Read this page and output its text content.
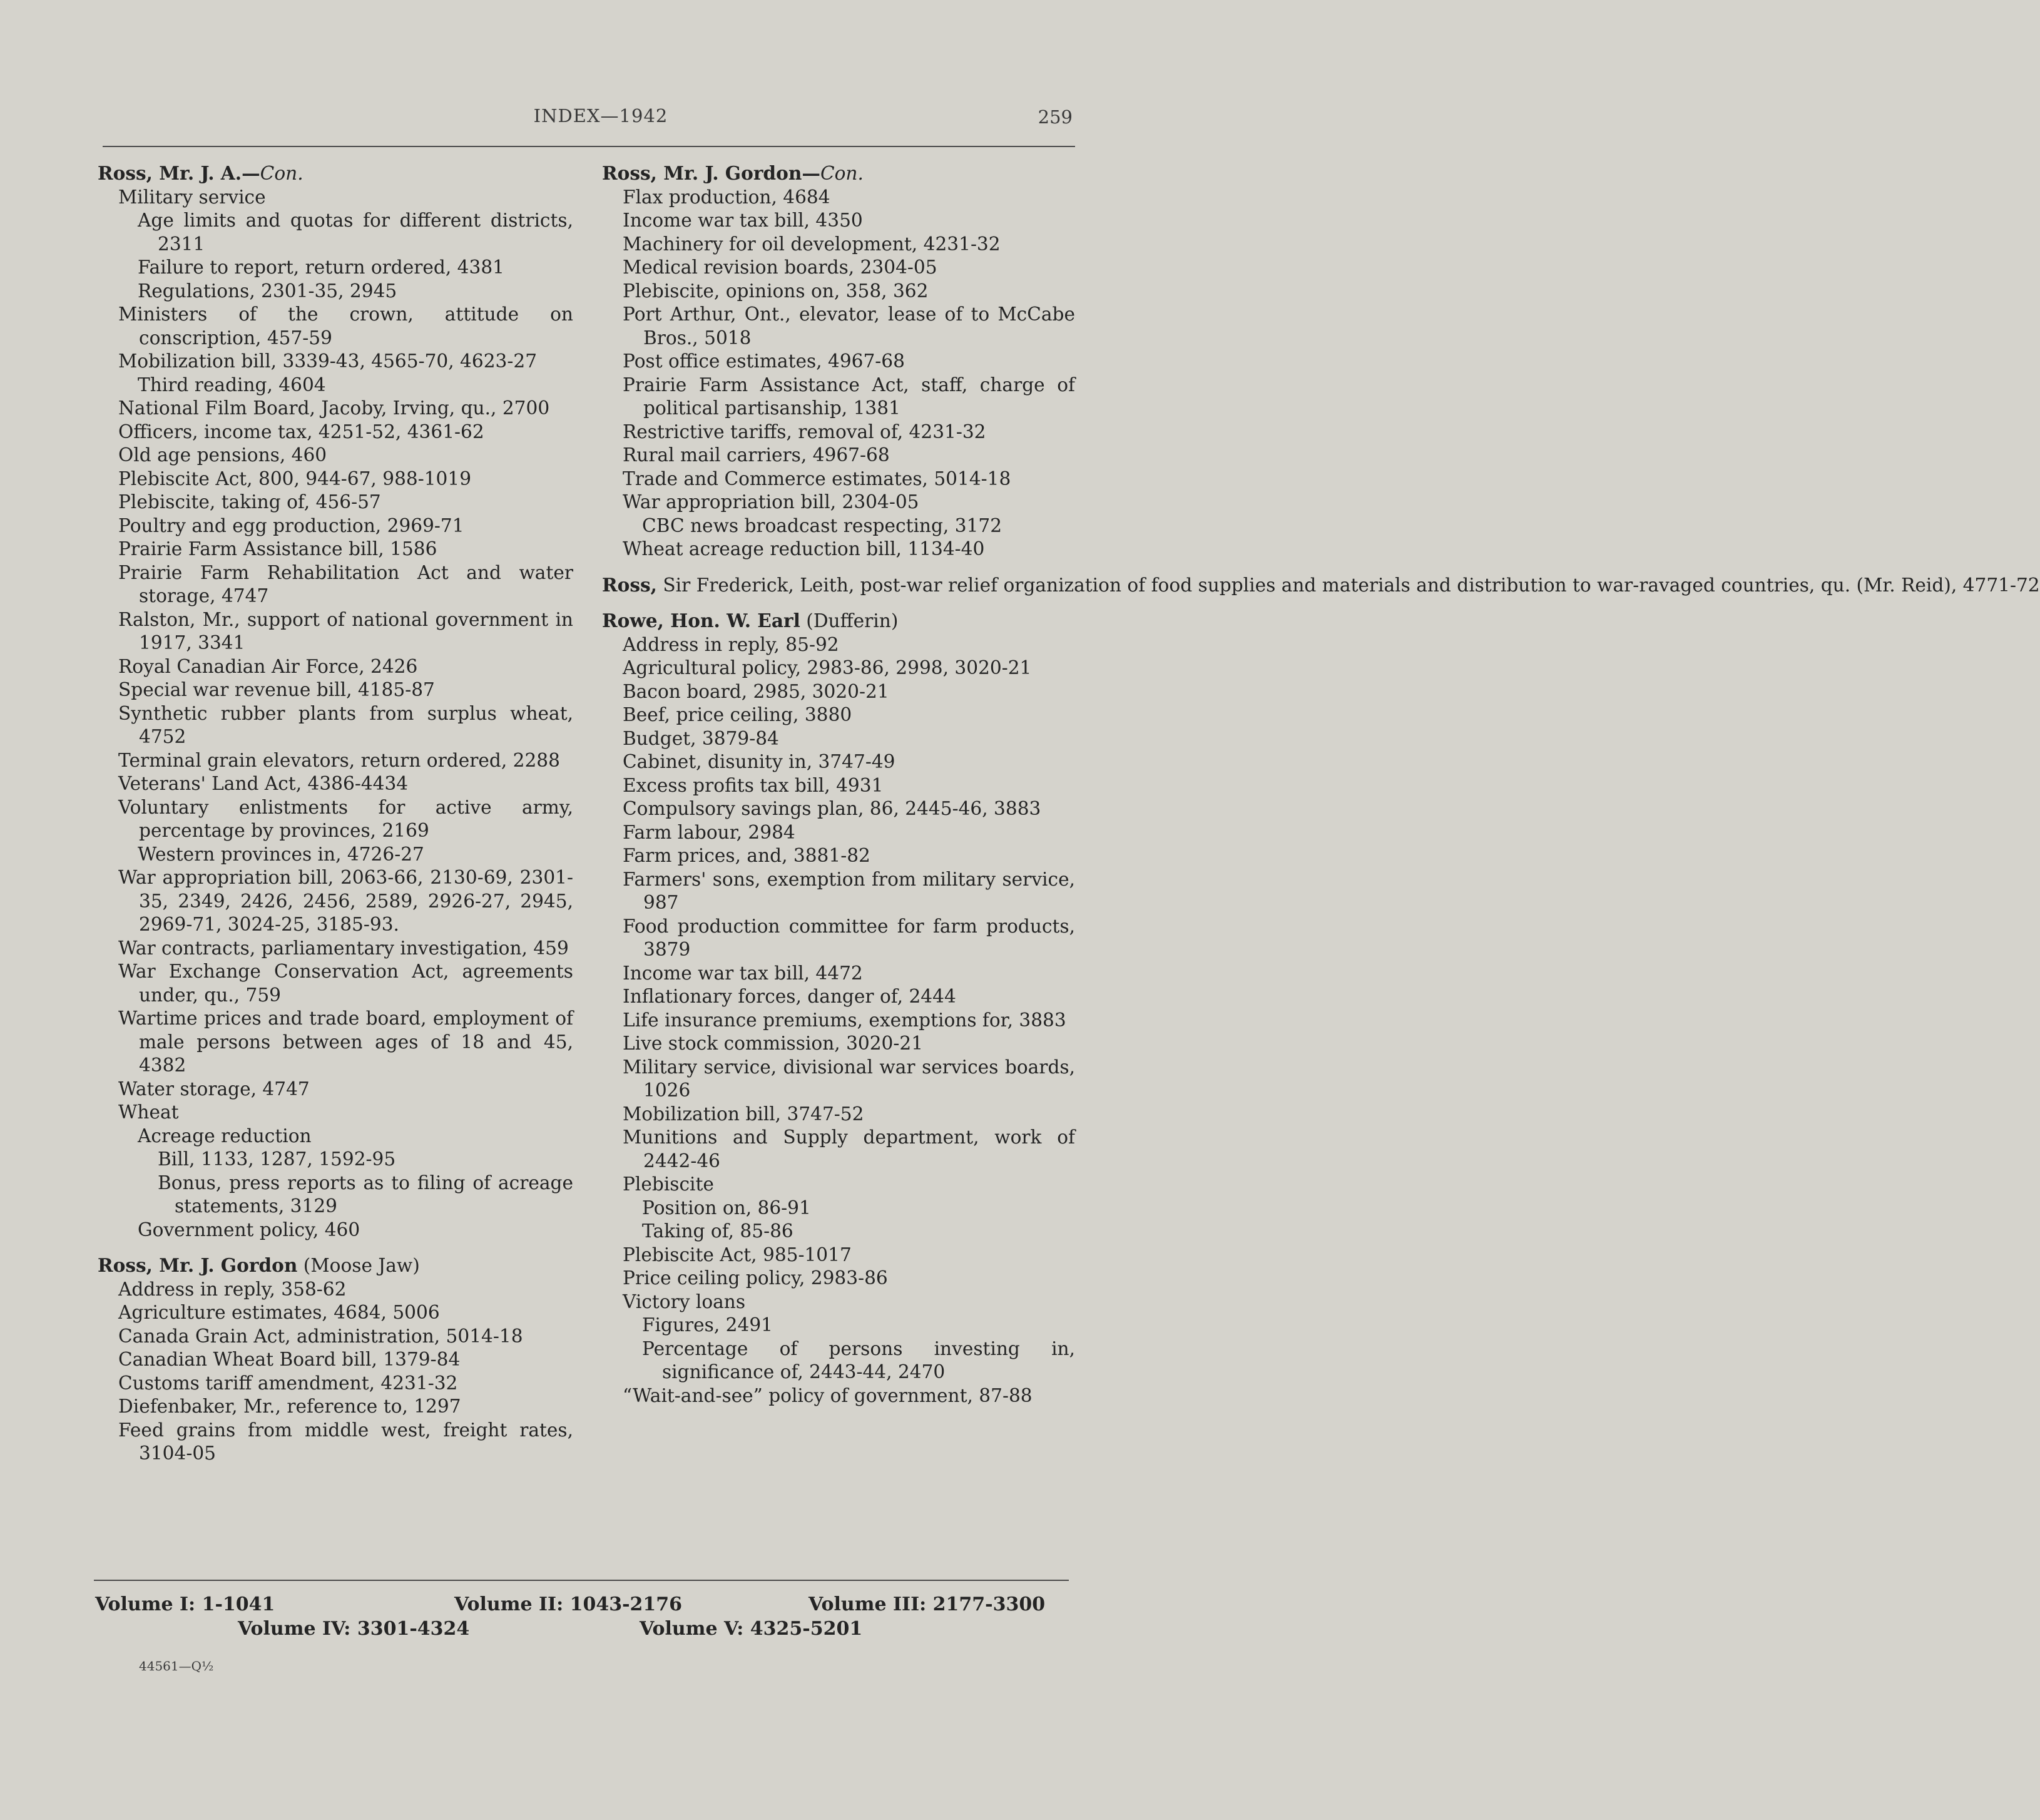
INDEX—1942	259
Ross, Mr. J. A.—Con.
Military service
Age limits and quotas for different districts, 2311
Failure to report, return ordered, 4381
Regulations, 2301-35, 2945
Ministers of the crown, attitude on conscription, 457-59
Mobilization bill, 3339-43, 4565-70, 4623-27
Third reading, 4604
National Film Board, Jacoby, Irving, qu., 2700
Officers, income tax, 4251-52, 4361-62
Old age pensions, 460
Plebiscite Act, 800, 944-67, 988-1019
Plebiscite, taking of, 456-57
Poultry and egg production, 2969-71
Prairie Farm Assistance bill, 1586
Prairie Farm Rehabilitation Act and water storage, 4747
Ralston, Mr., support of national government in 1917, 3341
Royal Canadian Air Force, 2426
Special war revenue bill, 4185-87
Synthetic rubber plants from surplus wheat, 4752
Terminal grain elevators, return ordered, 2288
Veterans' Land Act, 4386-4434
Voluntary enlistments for active army, percentage by provinces, 2169
Western provinces in, 4726-27
War appropriation bill, 2063-66, 2130-69, 2301-35, 2349, 2426, 2456, 2589, 2926-27, 2945, 2969-71, 3024-25, 3185-93.
War contracts, parliamentary investigation, 459
War Exchange Conservation Act, agreements under, qu., 759
Wartime prices and trade board, employment of male persons between ages of 18 and 45, 4382
Water storage, 4747
Wheat
Acreage reduction
Bill, 1133, 1287, 1592-95
Bonus, press reports as to filing of acreage statements, 3129
Government policy, 460
Ross, Mr. J. Gordon (Moose Jaw)
Address in reply, 358-62
Agriculture estimates, 4684, 5006
Canada Grain Act, administration, 5014-18
Canadian Wheat Board bill, 1379-84
Customs tariff amendment, 4231-32
Diefenbaker, Mr., reference to, 1297
Feed grains from middle west, freight rates, 3104-05
Ross, Mr. J. Gordon—Con.
Flax production, 4684
Income war tax bill, 4350
Machinery for oil development, 4231-32
Medical revision boards, 2304-05
Plebiscite, opinions on, 358, 362
Port Arthur, Ont., elevator, lease of to McCabe Bros., 5018
Post office estimates, 4967-68
Prairie Farm Assistance Act, staff, charge of political partisanship, 1381
Restrictive tariffs, removal of, 4231-32
Rural mail carriers, 4967-68
Trade and Commerce estimates, 5014-18
War appropriation bill, 2304-05
CBC news broadcast respecting, 3172
Wheat acreage reduction bill, 1134-40
Ross, Sir Frederick, Leith, post-war relief organization of food supplies and materials and distribution to war-ravaged countries, qu. (Mr. Reid), 4771-72
Rowe, Hon. W. Earl (Dufferin)
Address in reply, 85-92
Agricultural policy, 2983-86, 2998, 3020-21
Bacon board, 2985, 3020-21
Beef, price ceiling, 3880
Budget, 3879-84
Cabinet, disunity in, 3747-49
Excess profits tax bill, 4931
Compulsory savings plan, 86, 2445-46, 3883
Farm labour, 2984
Farm prices, and, 3881-82
Farmers' sons, exemption from military service, 987
Food production committee for farm products, 3879
Income war tax bill, 4472
Inflationary forces, danger of, 2444
Life insurance premiums, exemptions for, 3883
Live stock commission, 3020-21
Military service, divisional war services boards, 1026
Mobilization bill, 3747-52
Munitions and Supply department, work of 2442-46
Plebiscite
Position on, 86-91
Taking of, 85-86
Plebiscite Act, 985-1017
Price ceiling policy, 2983-86
Victory loans
Figures, 2491
Percentage of persons investing in, significance of, 2443-44, 2470
“Wait-and-see” policy of government, 87-88
Volume I: 1-1041	Volume II: 1043-2176	Volume III: 2177-3300
Volume IV: 3301-4324	Volume V: 4325-5201
44561—Q½
